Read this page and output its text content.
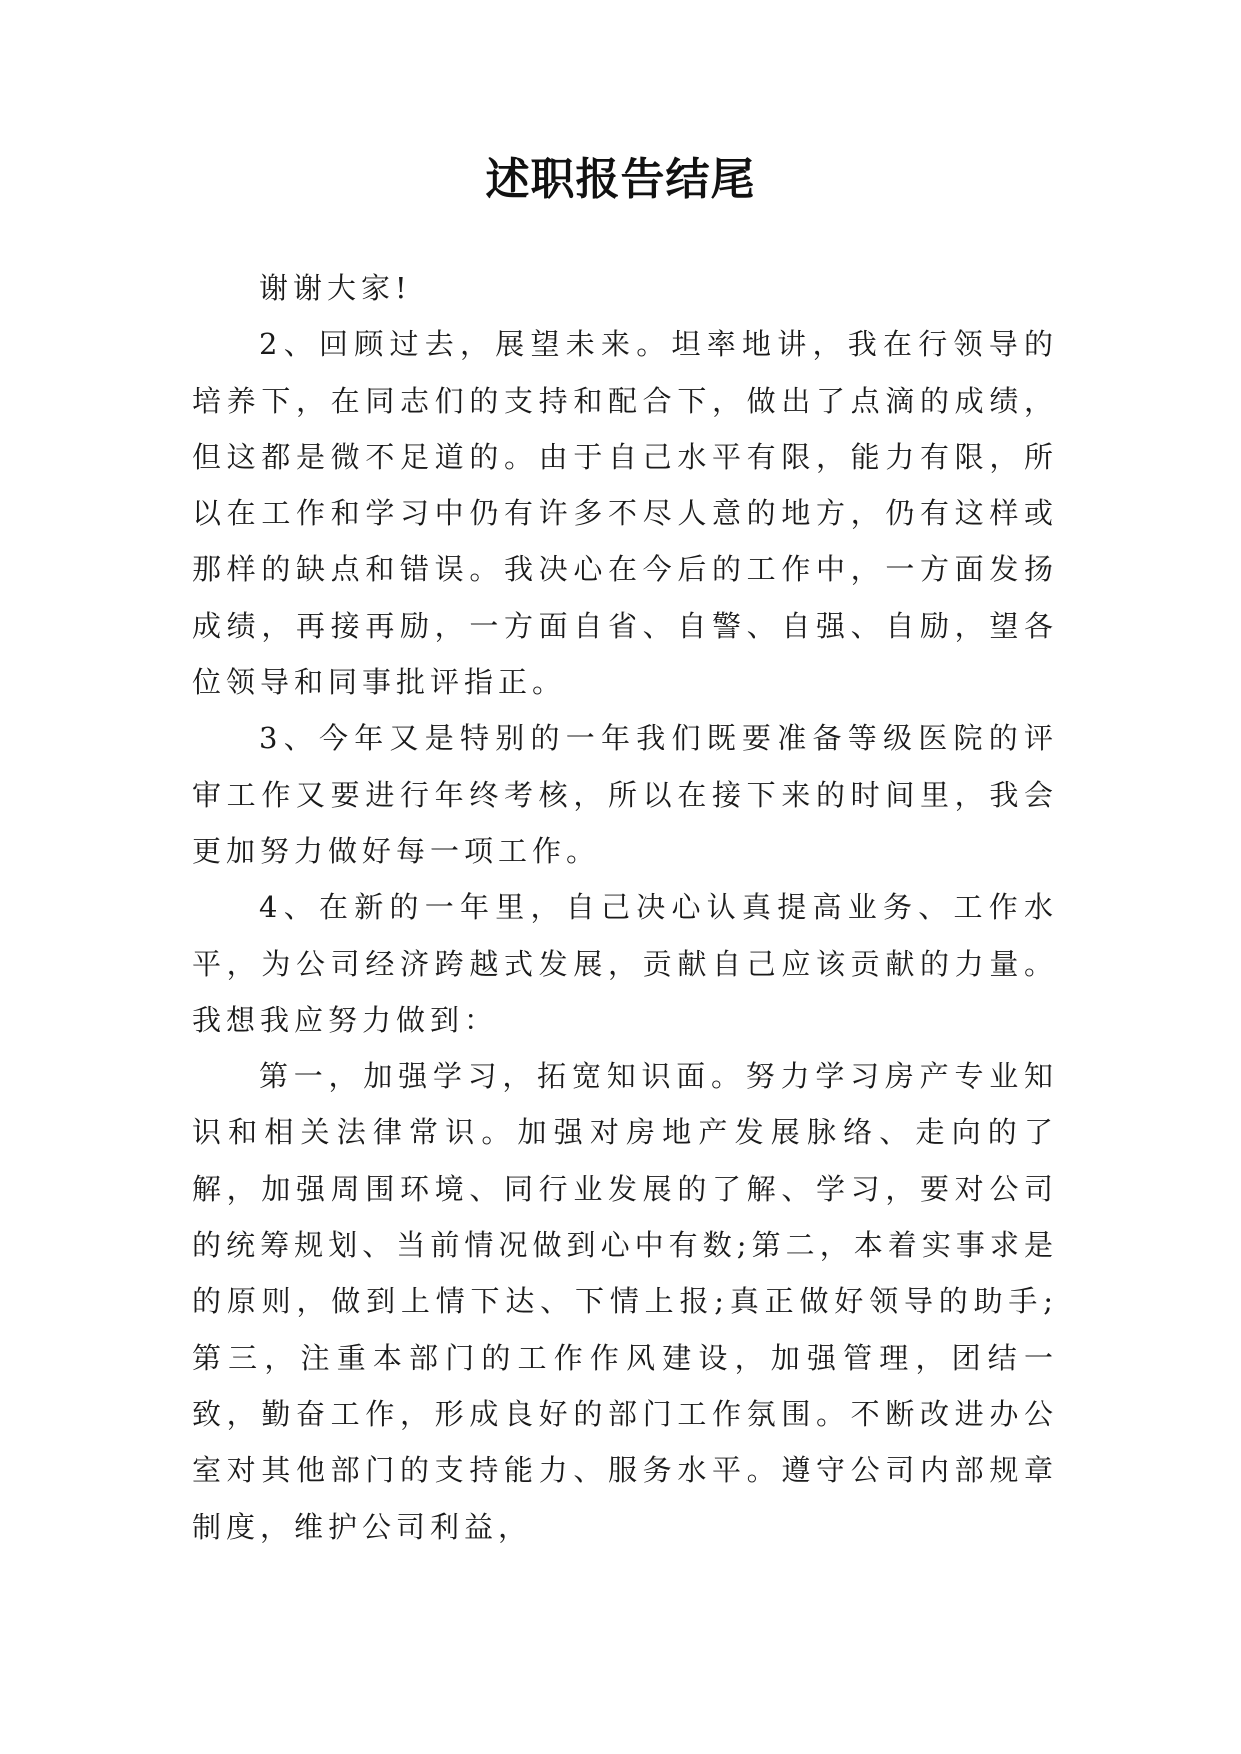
述职报告结尾

谢谢大家!

2、回顾过去，展望未来。坦率地讲，我在行领导的培养下，在同志们的支持和配合下，做出了点滴的成绩，但这都是微不足道的。由于自己水平有限，能力有限，所以在工作和学习中仍有许多不尽人意的地方，仍有这样或那样的缺点和错误。我决心在今后的工作中，一方面发扬成绩，再接再励，一方面自省、自警、自强、自励，望各位领导和同事批评指正。

3、今年又是特别的一年我们既要准备等级医院的评审工作又要进行年终考核，所以在接下来的时间里，我会更加努力做好每一项工作。

4、在新的一年里，自己决心认真提高业务、工作水平，为公司经济跨越式发展，贡献自己应该贡献的力量。我想我应努力做到：

第一，加强学习，拓宽知识面。努力学习房产专业知识和相关法律常识。加强对房地产发展脉络、走向的了解，加强周围环境、同行业发展的了解、学习，要对公司的统筹规划、当前情况做到心中有数;第二，本着实事求是的原则，做到上情下达、下情上报;真正做好领导的助手;第三，注重本部门的工作作风建设，加强管理，团结一致，勤奋工作，形成良好的部门工作氛围。不断改进办公室对其他部门的支持能力、服务水平。遵守公司内部规章制度，维护公司利益，
